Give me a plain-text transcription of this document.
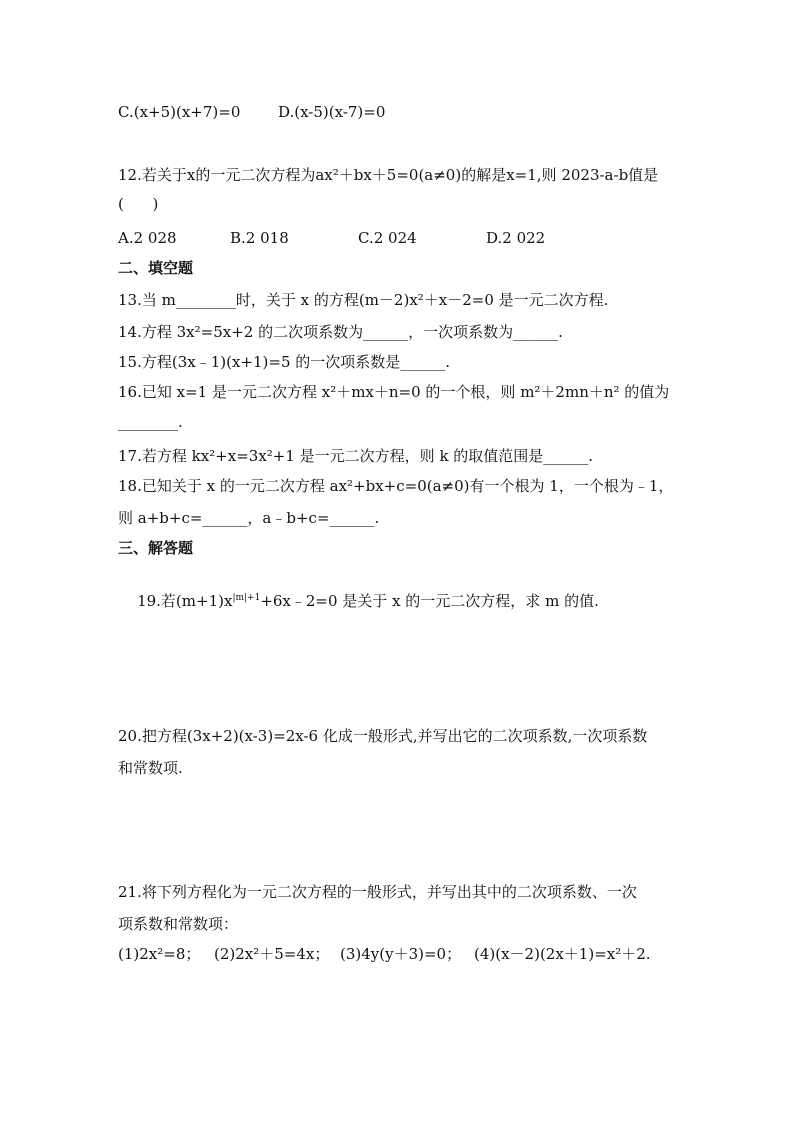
C.(x+5)(x+7)=0	D.(x-5)(x-7)=0
12.若关于x的一元二次方程为ax²＋bx＋5=0(a≠0)的解是x=1,则 2023-a-b值是
(      )
A.2 028	B.2 018	C.2 024	D.2 022
二、填空题
13.当 m________时，关于 x 的方程(m－2)x²＋x－2=0 是一元二次方程.
14.方程 3x²=5x+2 的二次项系数为______，一次项系数为______.
15.方程(3x﹣1)(x+1)=5 的一次项系数是______.
16.已知 x=1 是一元二次方程 x²＋mx＋n=0 的一个根，则 m²＋2mn＋n² 的值为
________.
17.若方程 kx²+x=3x²+1 是一元二次方程，则 k 的取值范围是______.
18.已知关于 x 的一元二次方程 ax²+bx+c=0(a≠0)有一个根为 1，一个根为﹣1，
则 a+b+c=______，a﹣b+c=______.
三、解答题

19.若$(m+1)x^{|m|+1}+6x﹣2=0$ 是关于 x 的一元二次方程，求 m 的值.

20.把方程(3x+2)(x-3)=2x-6 化成一般形式,并写出它的二次项系数,一次项系数
和常数项.
21.将下列方程化为一元二次方程的一般形式，并写出其中的二次项系数、一次
项系数和常数项：
(1)2x²=8； (2)2x²＋5=4x； (3)4y(y＋3)=0； (4)(x－2)(2x＋1)=x²＋2.
